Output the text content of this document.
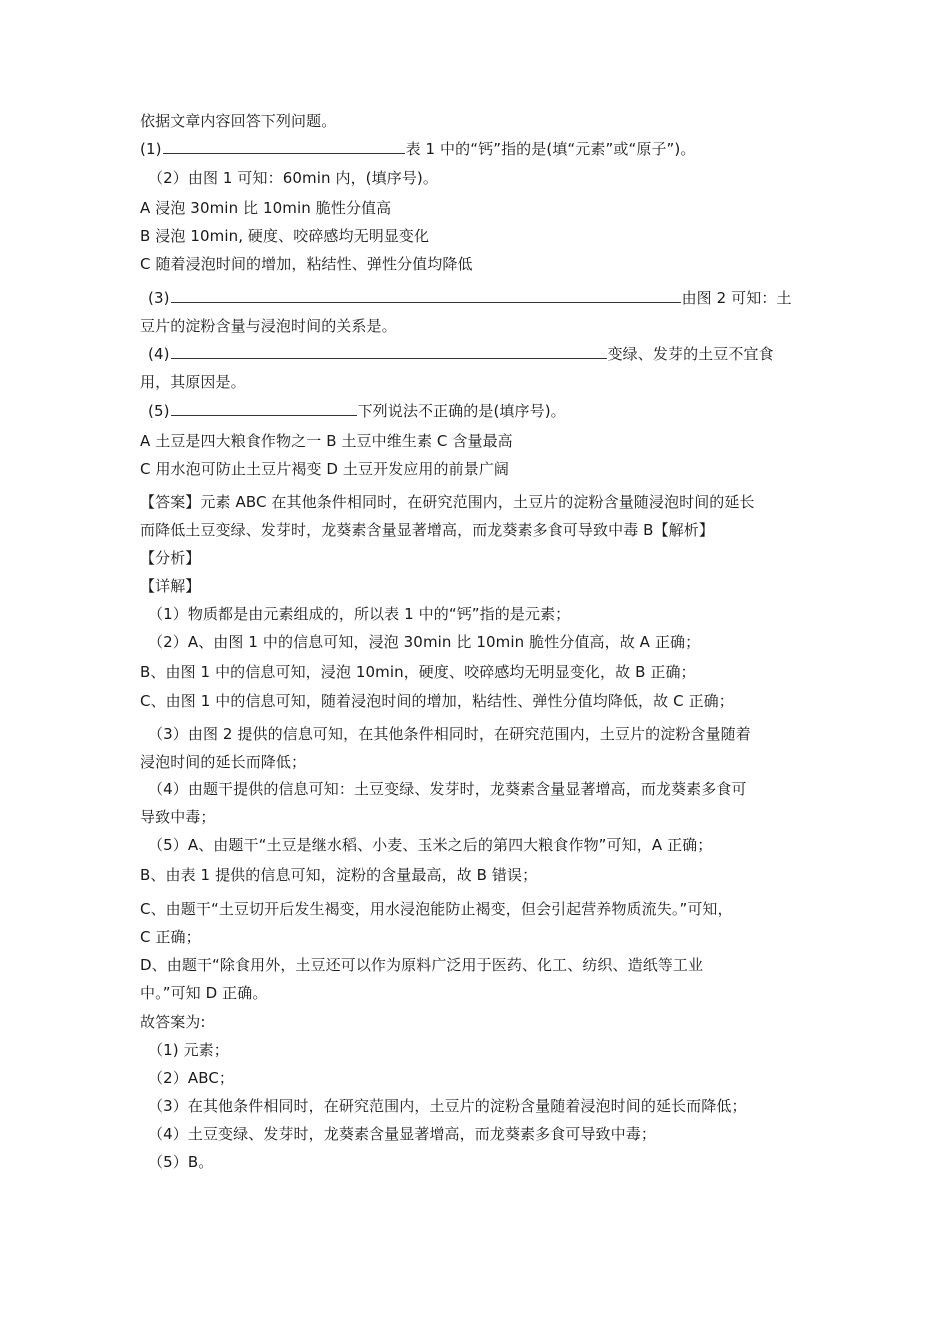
依据文章内容回答下列问题。
(1)	表 1 中的“钙”指的是(填“元素”或“原子”)。
（2）由图 1 可知：60min 内，(填序号)。
A 浸泡 30min 比 10min 脆性分值高
B 浸泡 10min, 硬度、咬碎感均无明显变化
C 随着浸泡时间的增加，粘结性、弹性分值均降低
(3)	由图 2 可知：土
豆片的淀粉含量与浸泡时间的关系是。
(4)	变绿、发芽的土豆不宜食
用，其原因是。
(5)	下列说法不正确的是(填序号)。
A 土豆是四大粮食作物之一 B 土豆中维生素 C 含量最高
C 用水泡可防止土豆片褐变 D 土豆开发应用的前景广阔
【答案】元素 ABC 在其他条件相同时，在研究范围内，土豆片的淀粉含量随浸泡时间的延长
而降低土豆变绿、发芽时，龙葵素含量显著增高，而龙葵素多食可导致中毒 B【解析】
【分析】
【详解】
（1）物质都是由元素组成的，所以表 1 中的“钙”指的是元素；
（2）A、由图 1 中的信息可知，浸泡 30min 比 10min 脆性分值高，故 A 正确；
B、由图 1 中的信息可知，浸泡 10min，硬度、咬碎感均无明显变化，故 B 正确；
C、由图 1 中的信息可知，随着浸泡时间的增加，粘结性、弹性分值均降低，故 C 正确；
（3）由图 2 提供的信息可知，在其他条件相同时，在研究范围内，土豆片的淀粉含量随着
浸泡时间的延长而降低；
（4）由题干提供的信息可知：土豆变绿、发芽时，龙葵素含量显著增高，而龙葵素多食可
导致中毒；
（5）A、由题干“土豆是继水稻、小麦、玉米之后的第四大粮食作物”可知，A 正确；
B、由表 1 提供的信息可知，淀粉的含量最高，故 B 错误；
C、由题干“土豆切开后发生褐变，用水浸泡能防止褐变，但会引起营养物质流失。”可知，
C 正确；
D、由题干“除食用外，土豆还可以作为原料广泛用于医药、化工、纺织、造纸等工业
中。”可知 D 正确。
故答案为:
（1) 元素；
（2）ABC；
（3）在其他条件相同时，在研究范围内，土豆片的淀粉含量随着浸泡时间的延长而降低；
（4）土豆变绿、发芽时，龙葵素含量显著增高，而龙葵素多食可导致中毒；
（5）B。
